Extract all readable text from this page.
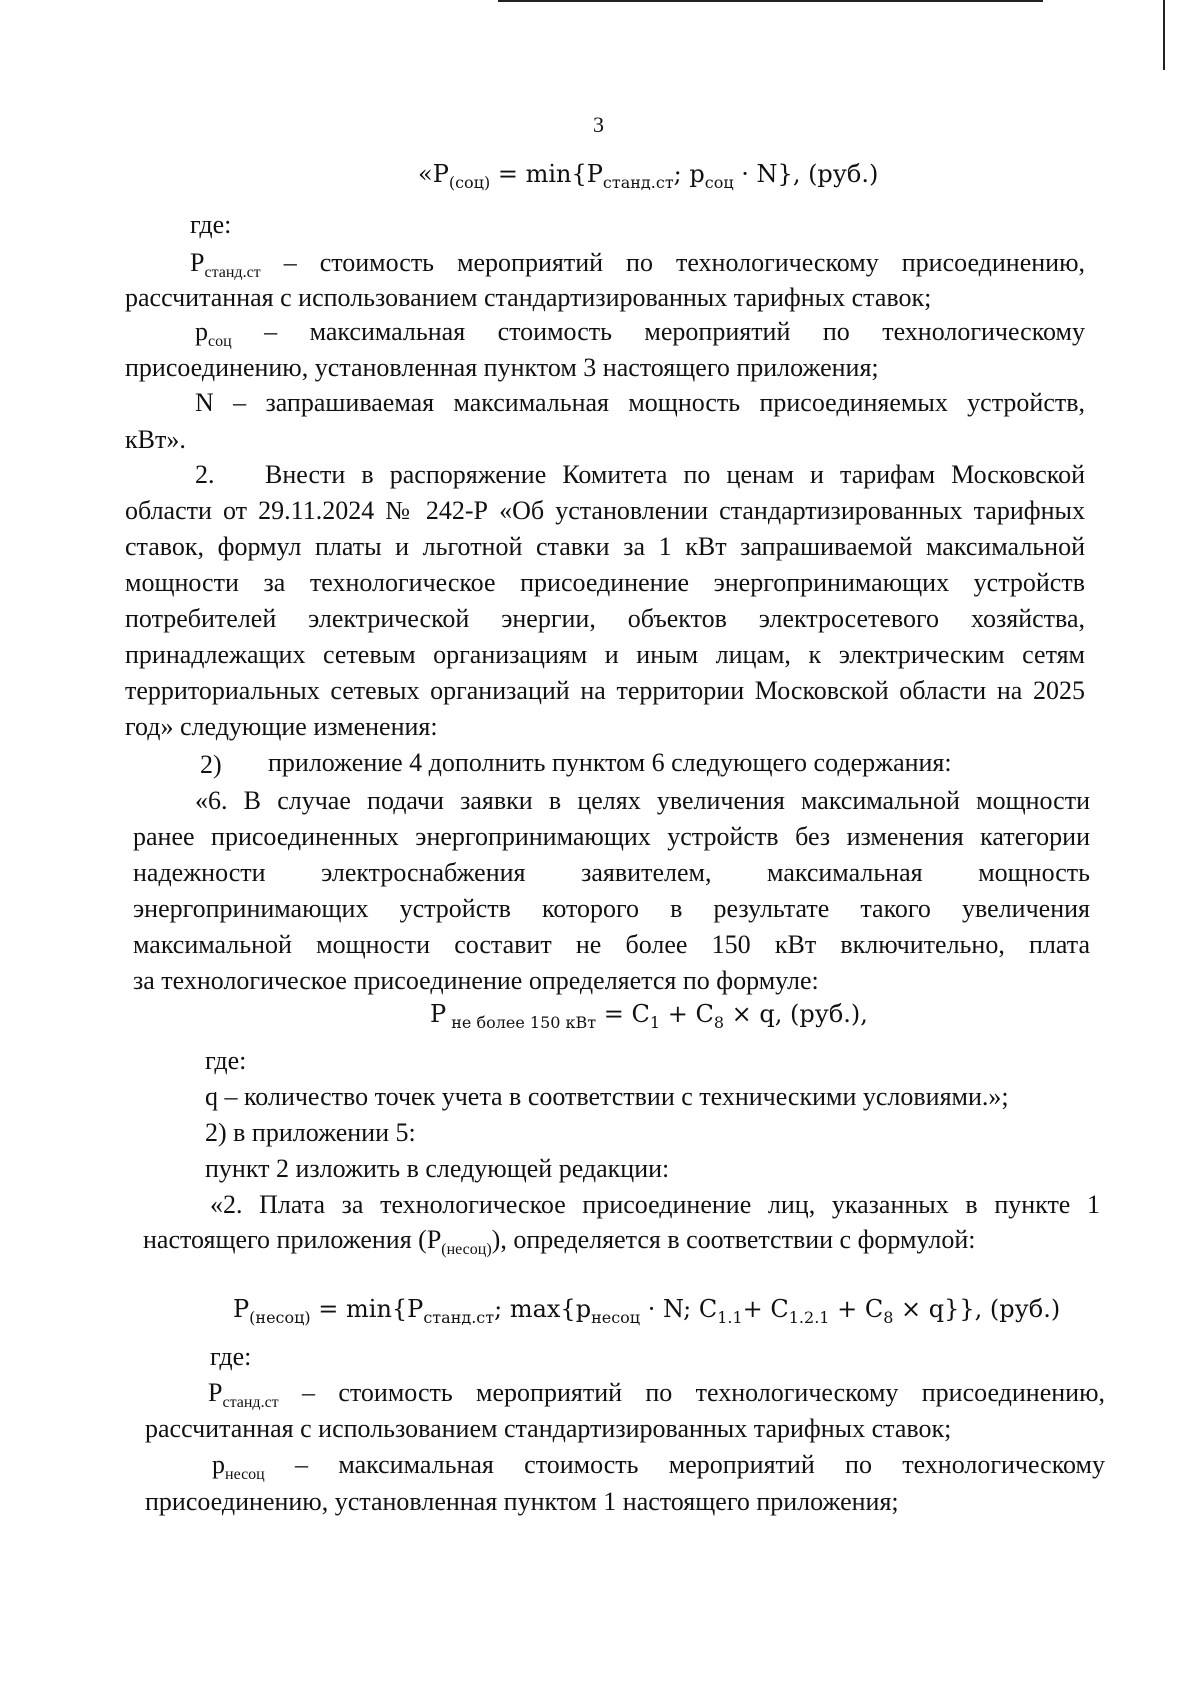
3
«$P_{(соц)} = \min\{P_{станд.ст}$; $p_{соц} \cdot N$}, (руб.)
где:
$P_{станд.ст}$ – стоимость мероприятий по технологическому присоединению,
рассчитанная с использованием стандартизированных тарифных ставок;
$p_{соц}$ – максимальная стоимость мероприятий по технологическому
присоединению, установленная пунктом 3 настоящего приложения;
N – запрашиваемая максимальная мощность присоединяемых устройств,
кВт».
2. Внести в распоряжение Комитета по ценам и тарифам Московской
области от 29.11.2024 № 242-Р «Об установлении стандартизированных тарифных
ставок, формул платы и льготной ставки за 1 кВт запрашиваемой максимальной
мощности за технологическое присоединение энергопринимающих устройств
потребителей электрической энергии, объектов электросетевого хозяйства,
принадлежащих сетевым организациям и иным лицам, к электрическим сетям
территориальных сетевых организаций на территории Московской области на 2025
год» следующие изменения:
2) приложение 4 дополнить пунктом 6 следующего содержания:
«6. В случае подачи заявки в целях увеличения максимальной мощности
ранее присоединенных энергопринимающих устройств без изменения категории
надежности электроснабжения заявителем, максимальная мощность
энергопринимающих устройств которого в результате такого увеличения
максимальной мощности составит не более 150 кВт включительно, плата
за технологическое присоединение определяется по формуле:
P $_{не более 150 кВт} = C_1 + C_8 \times q$, (руб.),
где:
q – количество точек учета в соответствии с техническими условиями.»;
2) в приложении 5:
пункт 2 изложить в следующей редакции:
«2. Плата за технологическое присоединение лиц, указанных в пункте 1
настоящего приложения $(P_{(несоц)})$, определяется в соответствии с формулой:
$P_{(несоц)} = \min\{P_{станд.ст}$; $\max\{p_{несоц} \cdot N$; $C_{1.1}+ C_{1.2.1} + C_8 \times q$}}, (руб.)
где:
$P_{станд.ст}$ – стоимость мероприятий по технологическому присоединению,
рассчитанная с использованием стандартизированных тарифных ставок;
$p_{несоц}$ – максимальная стоимость мероприятий по технологическому
присоединению, установленная пунктом 1 настоящего приложения;
